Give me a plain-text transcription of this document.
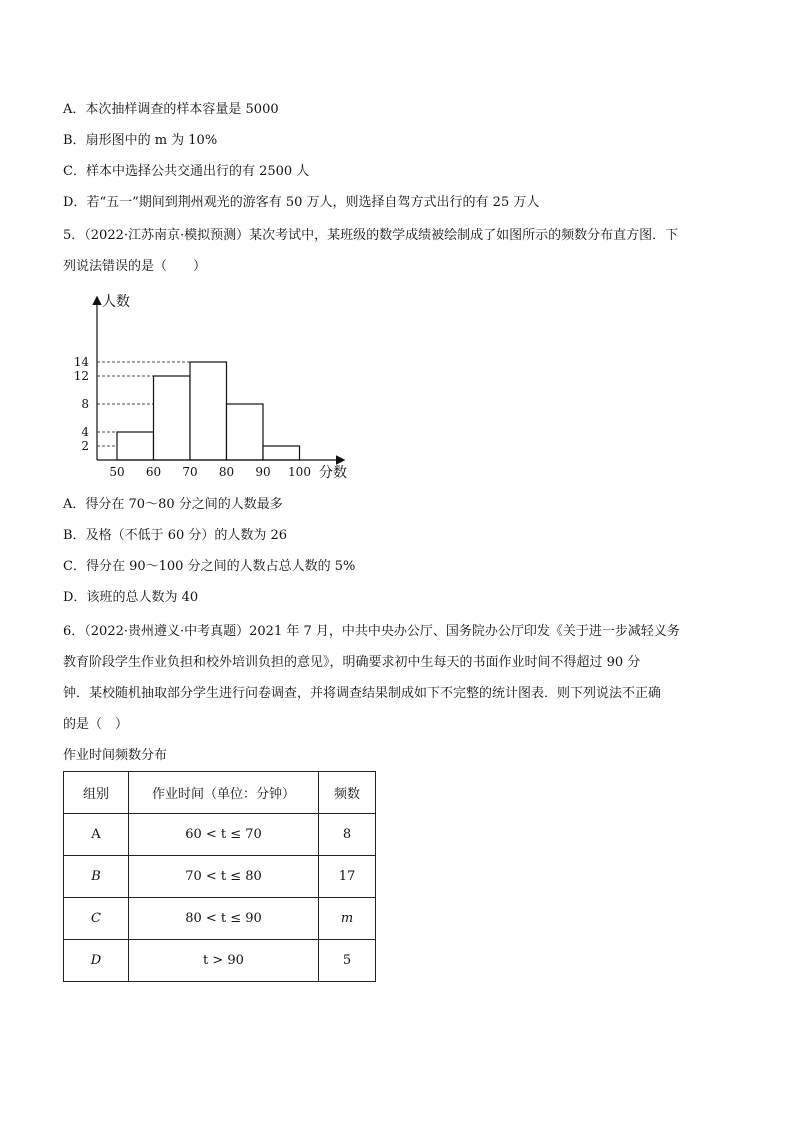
A．本次抽样调查的样本容量是 5000
B．扇形图中的 m 为 10%
C．样本中选择公共交通出行的有 2500 人
D．若“五一”期间到荆州观光的游客有 50 万人，则选择自驾方式出行的有 25 万人
5．（2022·江苏南京·模拟预测）某次考试中，某班级的数学成绩被绘制成了如图所示的频数分布直方图．下
列说法错误的是（　　）
14
12
8
4
2
50 60 70 80 90 100
人数
分数
A．得分在 70～80 分之间的人数最多
B．及格（不低于 60 分）的人数为 26
C．得分在 90～100 分之间的人数占总人数的 5%
D．该班的总人数为 40
6．（2022·贵州遵义·中考真题）2021 年 7 月，中共中央办公厅、国务院办公厅印发《关于进一步减轻义务
教育阶段学生作业负担和校外培训负担的意见》，明确要求初中生每天的书面作业时间不得超过 90 分
钟．某校随机抽取部分学生进行问卷调查，并将调查结果制成如下不完整的统计图表．则下列说法不正确
的是（　）
作业时间频数分布
组别	作业时间（单位：分钟）	频数
A	60 < t ≤ 70	8
B	70 < t ≤ 80	17
C	80 < t ≤ 90	m
D	t > 90	5
